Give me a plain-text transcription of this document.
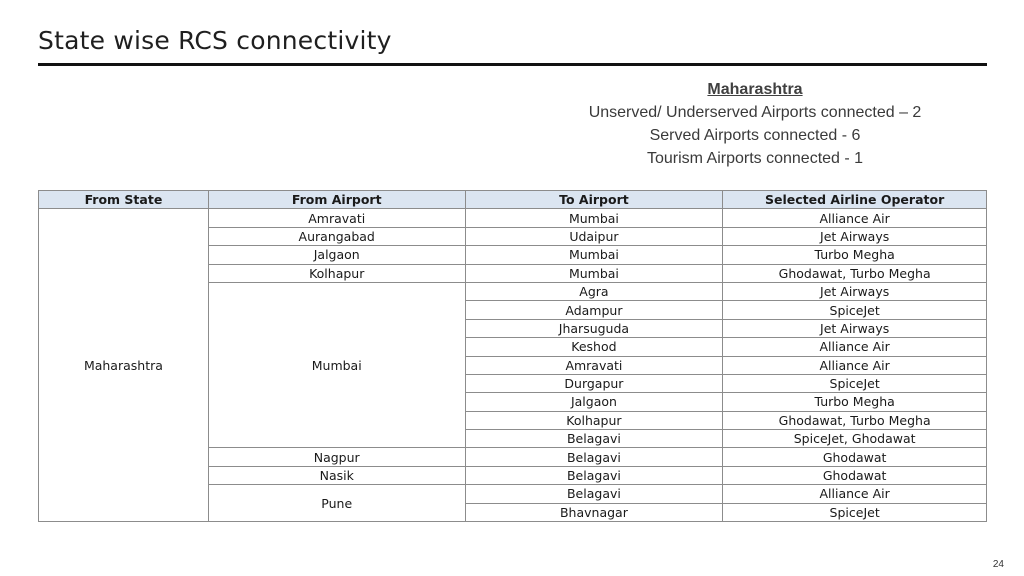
State wise RCS connectivity
Maharashtra
Unserved/ Underserved Airports connected – 2
Served Airports connected - 6
Tourism Airports connected - 1
From State	From Airport	To Airport	Selected Airline Operator
Maharashtra	Amravati	Mumbai	Alliance Air
	Aurangabad	Udaipur	Jet Airways
	Jalgaon	Mumbai	Turbo Megha
	Kolhapur	Mumbai	Ghodawat, Turbo Megha
	Mumbai	Agra	Jet Airways
		Adampur	SpiceJet
		Jharsuguda	Jet Airways
		Keshod	Alliance Air
		Amravati	Alliance Air
		Durgapur	SpiceJet
		Jalgaon	Turbo Megha
		Kolhapur	Ghodawat, Turbo Megha
		Belagavi	SpiceJet, Ghodawat
	Nagpur	Belagavi	Ghodawat
	Nasik	Belagavi	Ghodawat
	Pune	Belagavi	Alliance Air
		Bhavnagar	SpiceJet
24
